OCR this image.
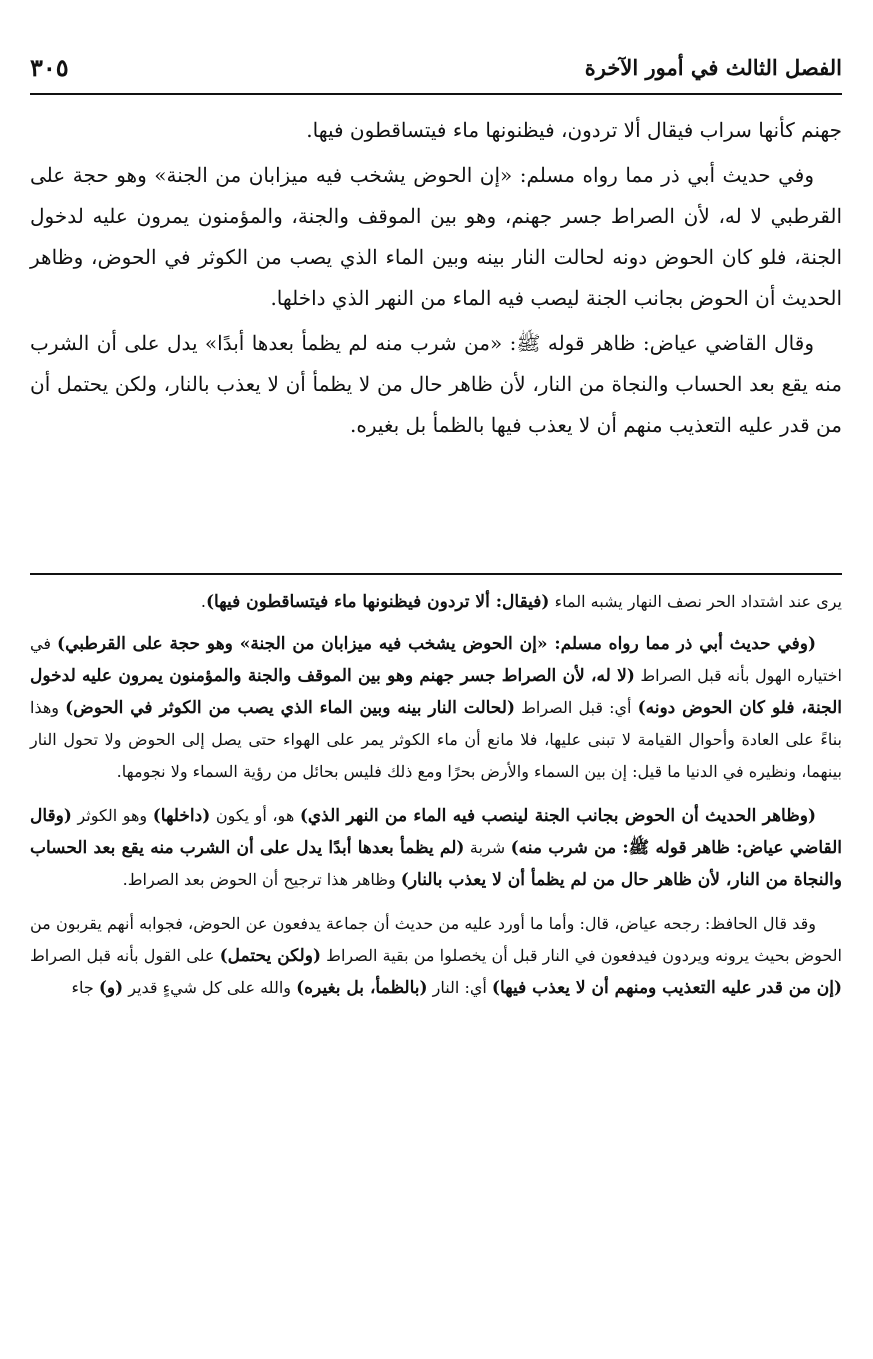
الفصل الثالث في أمور الآخرة
٣٠٥

جهنم كأنها سراب فيقال ألا تردون، فيظنونها ماء فيتساقطون فيها.

وفي حديث أبي ذر مما رواه مسلم: «إن الحوض يشخب فيه ميزابان من الجنة» وهو حجة على القرطبي لا له، لأن الصراط جسر جهنم، وهو بين الموقف والجنة، والمؤمنون يمرون عليه لدخول الجنة، فلو كان الحوض دونه لحالت النار بينه وبين الماء الذي يصب من الكوثر في الحوض، وظاهر الحديث أن الحوض بجانب الجنة ليصب فيه الماء من النهر الذي داخلها.

وقال القاضي عياض: ظاهر قوله ﷺ: «من شرب منه لم يظمأ بعدها أبدًا» يدل على أن الشرب منه يقع بعد الحساب والنجاة من النار، لأن ظاهر حال من لا يظمأ أن لا يعذب بالنار، ولكن يحتمل أن من قدر عليه التعذيب منهم أن لا يعذب فيها بالظمأ بل بغيره.

يرى عند اشتداد الحر نصف النهار يشبه الماء (فيقال: ألا تردون فيظنونها ماء فيتساقطون فيها).

(وفي حديث أبي ذر مما رواه مسلم: «إن الحوض يشخب فيه ميزابان من الجنة» وهو حجة على القرطبي) في اختياره الهول بأنه قبل الصراط (لا له، لأن الصراط جسر جهنم وهو بين الموقف والجنة والمؤمنون يمرون عليه لدخول الجنة، فلو كان الحوض دونه) أي: قبل الصراط (لحالت النار بينه وبين الماء الذي يصب من الكوثر في الحوض) وهذا بناءً على العادة وأحوال القيامة لا تبنى عليها، فلا مانع أن ماء الكوثر يمر على الهواء حتى يصل إلى الحوض ولا تحول النار بينهما، ونظيره في الدنيا ما قيل: إن بين السماء والأرض بحرًا ومع ذلك فليس بحائل من رؤية السماء ولا نجومها.

(وظاهر الحديث أن الحوض بجانب الجنة لينصب فيه الماء من النهر الذي) هو، أو يكون (داخلها) وهو الكوثر (وقال القاضي عياض: ظاهر قوله ﷺ: من شرب منه) شربة (لم يظمأ بعدها أبدًا يدل على أن الشرب منه يقع بعد الحساب والنجاة من النار، لأن ظاهر حال من لم يظمأ أن لا يعذب بالنار) وظاهر هذا ترجيح أن الحوض بعد الصراط.

وقد قال الحافظ: رجحه عياض، قال: وأما ما أورد عليه من حديث أن جماعة يدفعون عن الحوض، فجوابه أنهم يقربون من الحوض بحيث يرونه ويردون فيدفعون في النار قبل أن يخصلوا من بقية الصراط (ولكن يحتمل) على القول بأنه قبل الصراط (إن من قدر عليه التعذيب ومنهم أن لا يعذب فيها) أي: النار (بالظمأ، بل بغيره) والله على كل شيءٍ قدير (و) جاء
